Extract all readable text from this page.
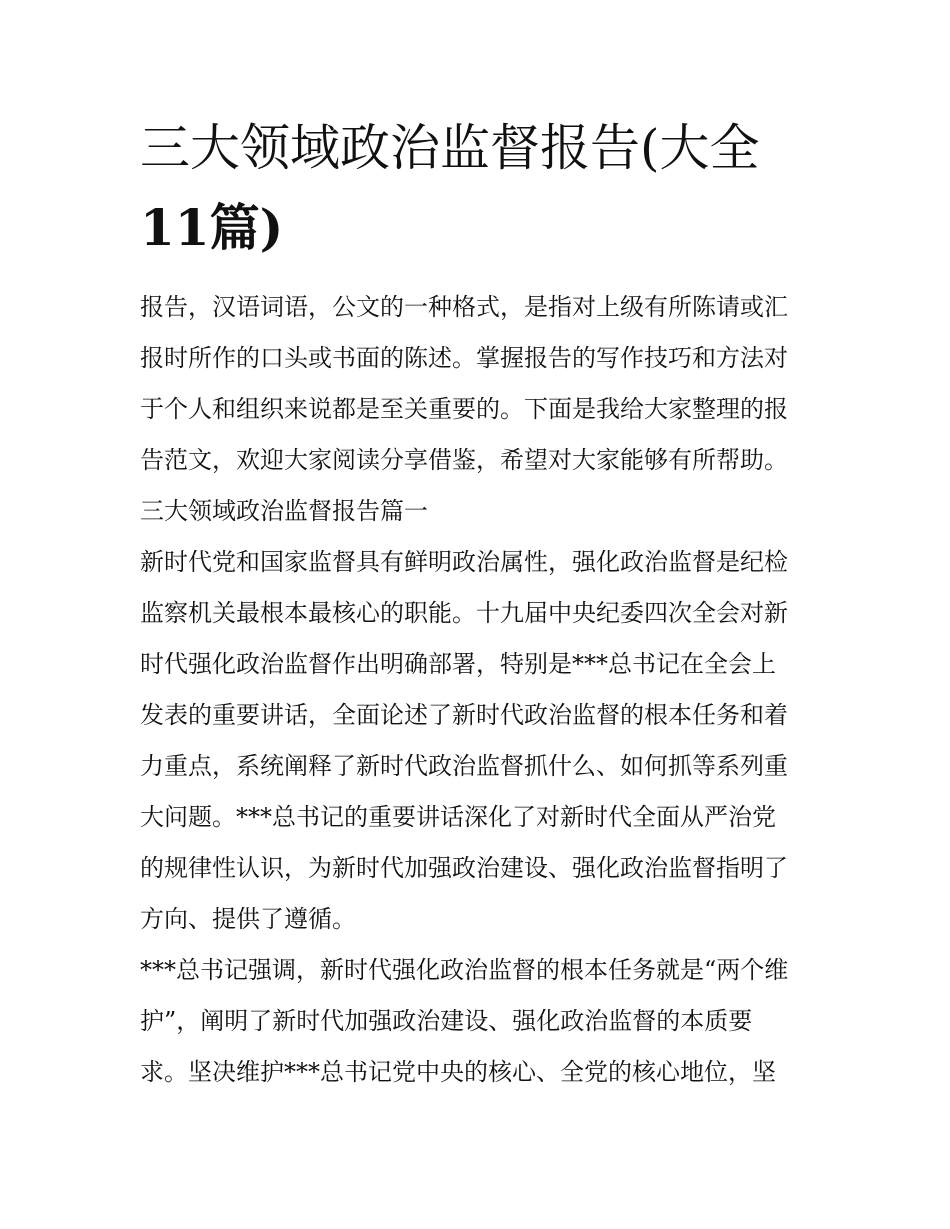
三大领域政治监督报告(大全
11篇)

报告，汉语词语，公文的一种格式，是指对上级有所陈请或汇
报时所作的口头或书面的陈述。掌握报告的写作技巧和方法对
于个人和组织来说都是至关重要的。下面是我给大家整理的报
告范文，欢迎大家阅读分享借鉴，希望对大家能够有所帮助。

三大领域政治监督报告篇一

新时代党和国家监督具有鲜明政治属性，强化政治监督是纪检
监察机关最根本最核心的职能。十九届中央纪委四次全会对新
时代强化政治监督作出明确部署，特别是***总书记在全会上
发表的重要讲话，全面论述了新时代政治监督的根本任务和着
力重点，系统阐释了新时代政治监督抓什么、如何抓等系列重
大问题。***总书记的重要讲话深化了对新时代全面从严治党
的规律性认识，为新时代加强政治建设、强化政治监督指明了
方向、提供了遵循。

***总书记强调，新时代强化政治监督的根本任务就是“两个维
护”，阐明了新时代加强政治建设、强化政治监督的本质要
求。坚决维护***总书记党中央的核心、全党的核心地位，坚
